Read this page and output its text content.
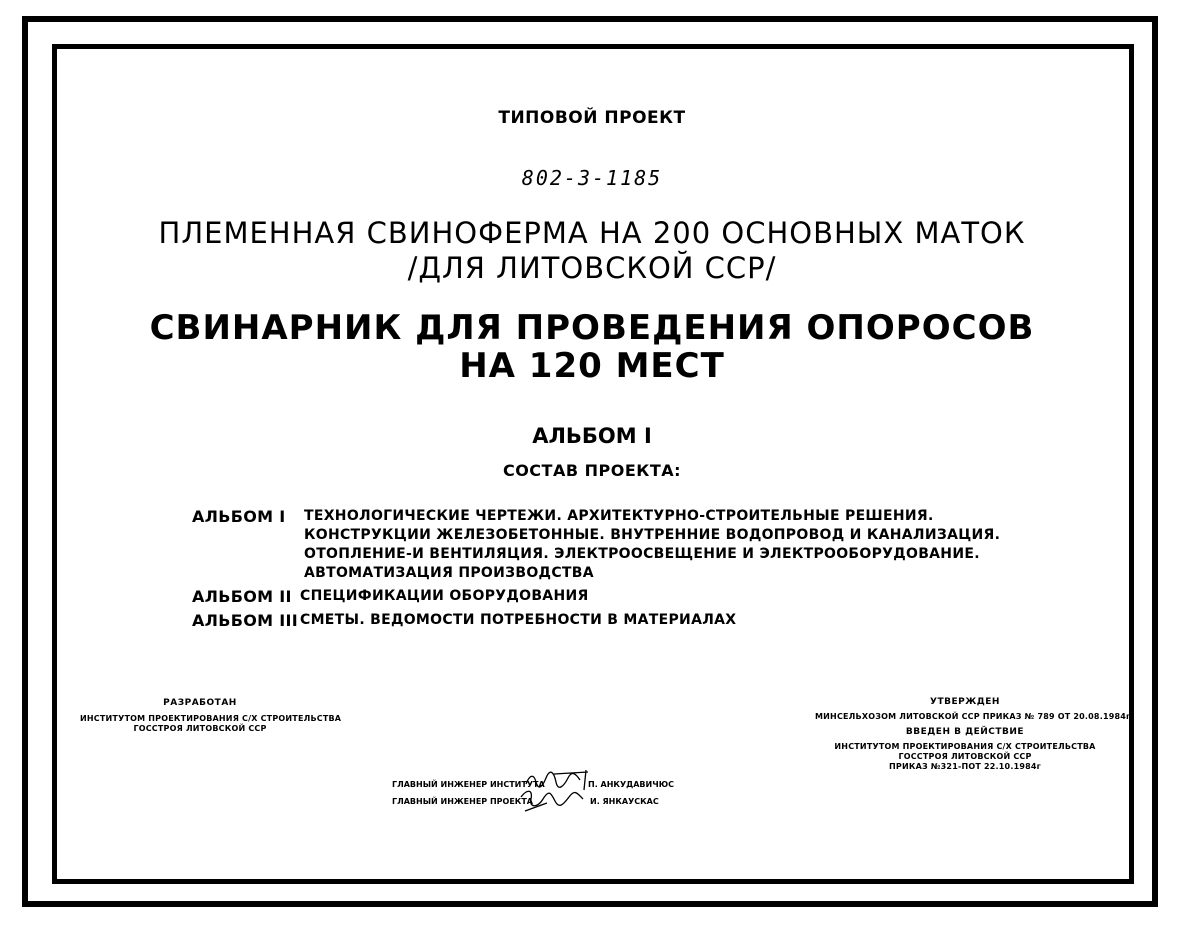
ТИПОВОЙ ПРОЕКТ
802-3-1185
ПЛЕМЕННАЯ СВИНОФЕРМА НА 200 ОСНОВНЫХ МАТОК
/ДЛЯ ЛИТОВСКОЙ ССР/
СВИНАРНИК ДЛЯ ПРОВЕДЕНИЯ ОПОРОСОВ
НА 120 МЕСТ
АЛЬБОМ I
СОСТАВ ПРОЕКТА:
АЛЬБОМ I ТЕХНОЛОГИЧЕСКИЕ ЧЕРТЕЖИ. АРХИТЕКТУРНО-СТРОИТЕЛЬНЫЕ РЕШЕНИЯ.
КОНСТРУКЦИИ ЖЕЛЕЗОБЕТОННЫЕ. ВНУТРЕННИЕ ВОДОПРОВОД И КАНАЛИЗАЦИЯ.
ОТОПЛЕНИЕ-И ВЕНТИЛЯЦИЯ. ЭЛЕКТРООСВЕЩЕНИЕ И ЭЛЕКТРООБОРУДОВАНИЕ.
АВТОМАТИЗАЦИЯ ПРОИЗВОДСТВА
АЛЬБОМ II СПЕЦИФИКАЦИИ ОБОРУДОВАНИЯ
АЛЬБОМ III СМЕТЫ. ВЕДОМОСТИ ПОТРЕБНОСТИ В МАТЕРИАЛАХ
РАЗРАБОТАН
ИНСТИТУТОМ ПРОЕКТИРОВАНИЯ С/Х СТРОИТЕЛЬСТВА
ГОССТРОЯ ЛИТОВСКОЙ ССР
УТВЕРЖДЕН
МИНСЕЛЬХОЗОМ ЛИТОВСКОЙ ССР ПРИКАЗ № 789 ОТ 20.08.1984г
ВВЕДЕН В ДЕЙСТВИЕ
ИНСТИТУТОМ ПРОЕКТИРОВАНИЯ С/Х СТРОИТЕЛЬСТВА
ГОССТРОЯ ЛИТОВСКОЙ ССР
ПРИКАЗ №321-ПОТ 22.10.1984г
ГЛАВНЫЙ ИНЖЕНЕР ИНСТИТУТА	П. АНКУДАВИЧЮС
ГЛАВНЫЙ ИНЖЕНЕР ПРОЕКТА	И. ЯНКАУСКАС
